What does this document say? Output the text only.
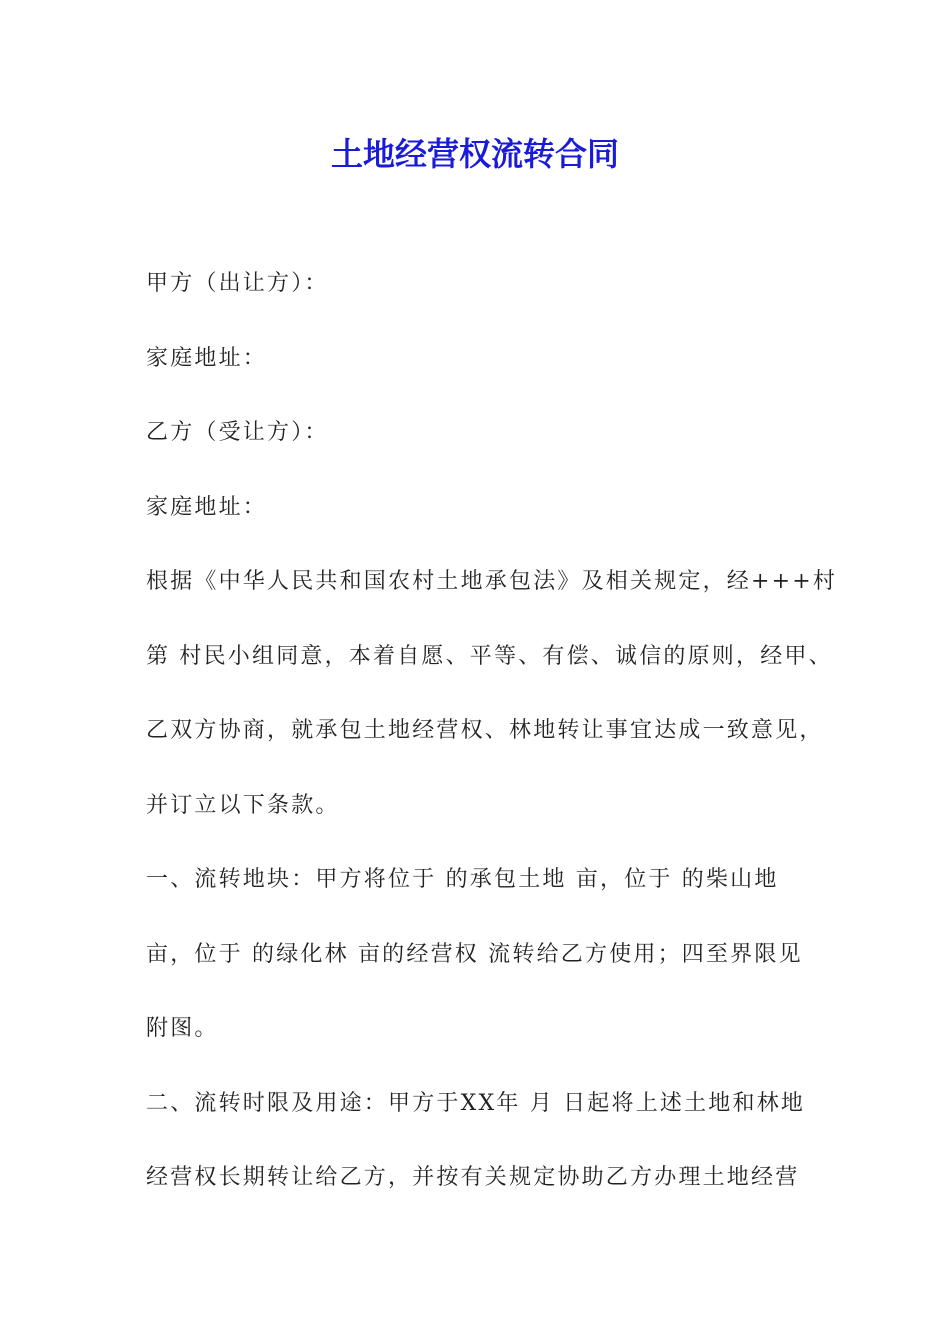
土地经营权流转合同
甲方（出让方）：
家庭地址：
乙方（受让方）：
家庭地址：
根据《中华人民共和国农村土地承包法》及相关规定，经+++村
第 村民小组同意，本着自愿、平等、有偿、诚信的原则，经甲、
乙双方协商，就承包土地经营权、林地转让事宜达成一致意见，
并订立以下条款。
一、流转地块：甲方将位于 的承包土地 亩，位于 的柴山地
亩，位于 的绿化林 亩的经营权 流转给乙方使用；四至界限见
附图。
二、流转时限及用途：甲方于XX年 月 日起将上述土地和林地
经营权长期转让给乙方，并按有关规定协助乙方办理土地经营
